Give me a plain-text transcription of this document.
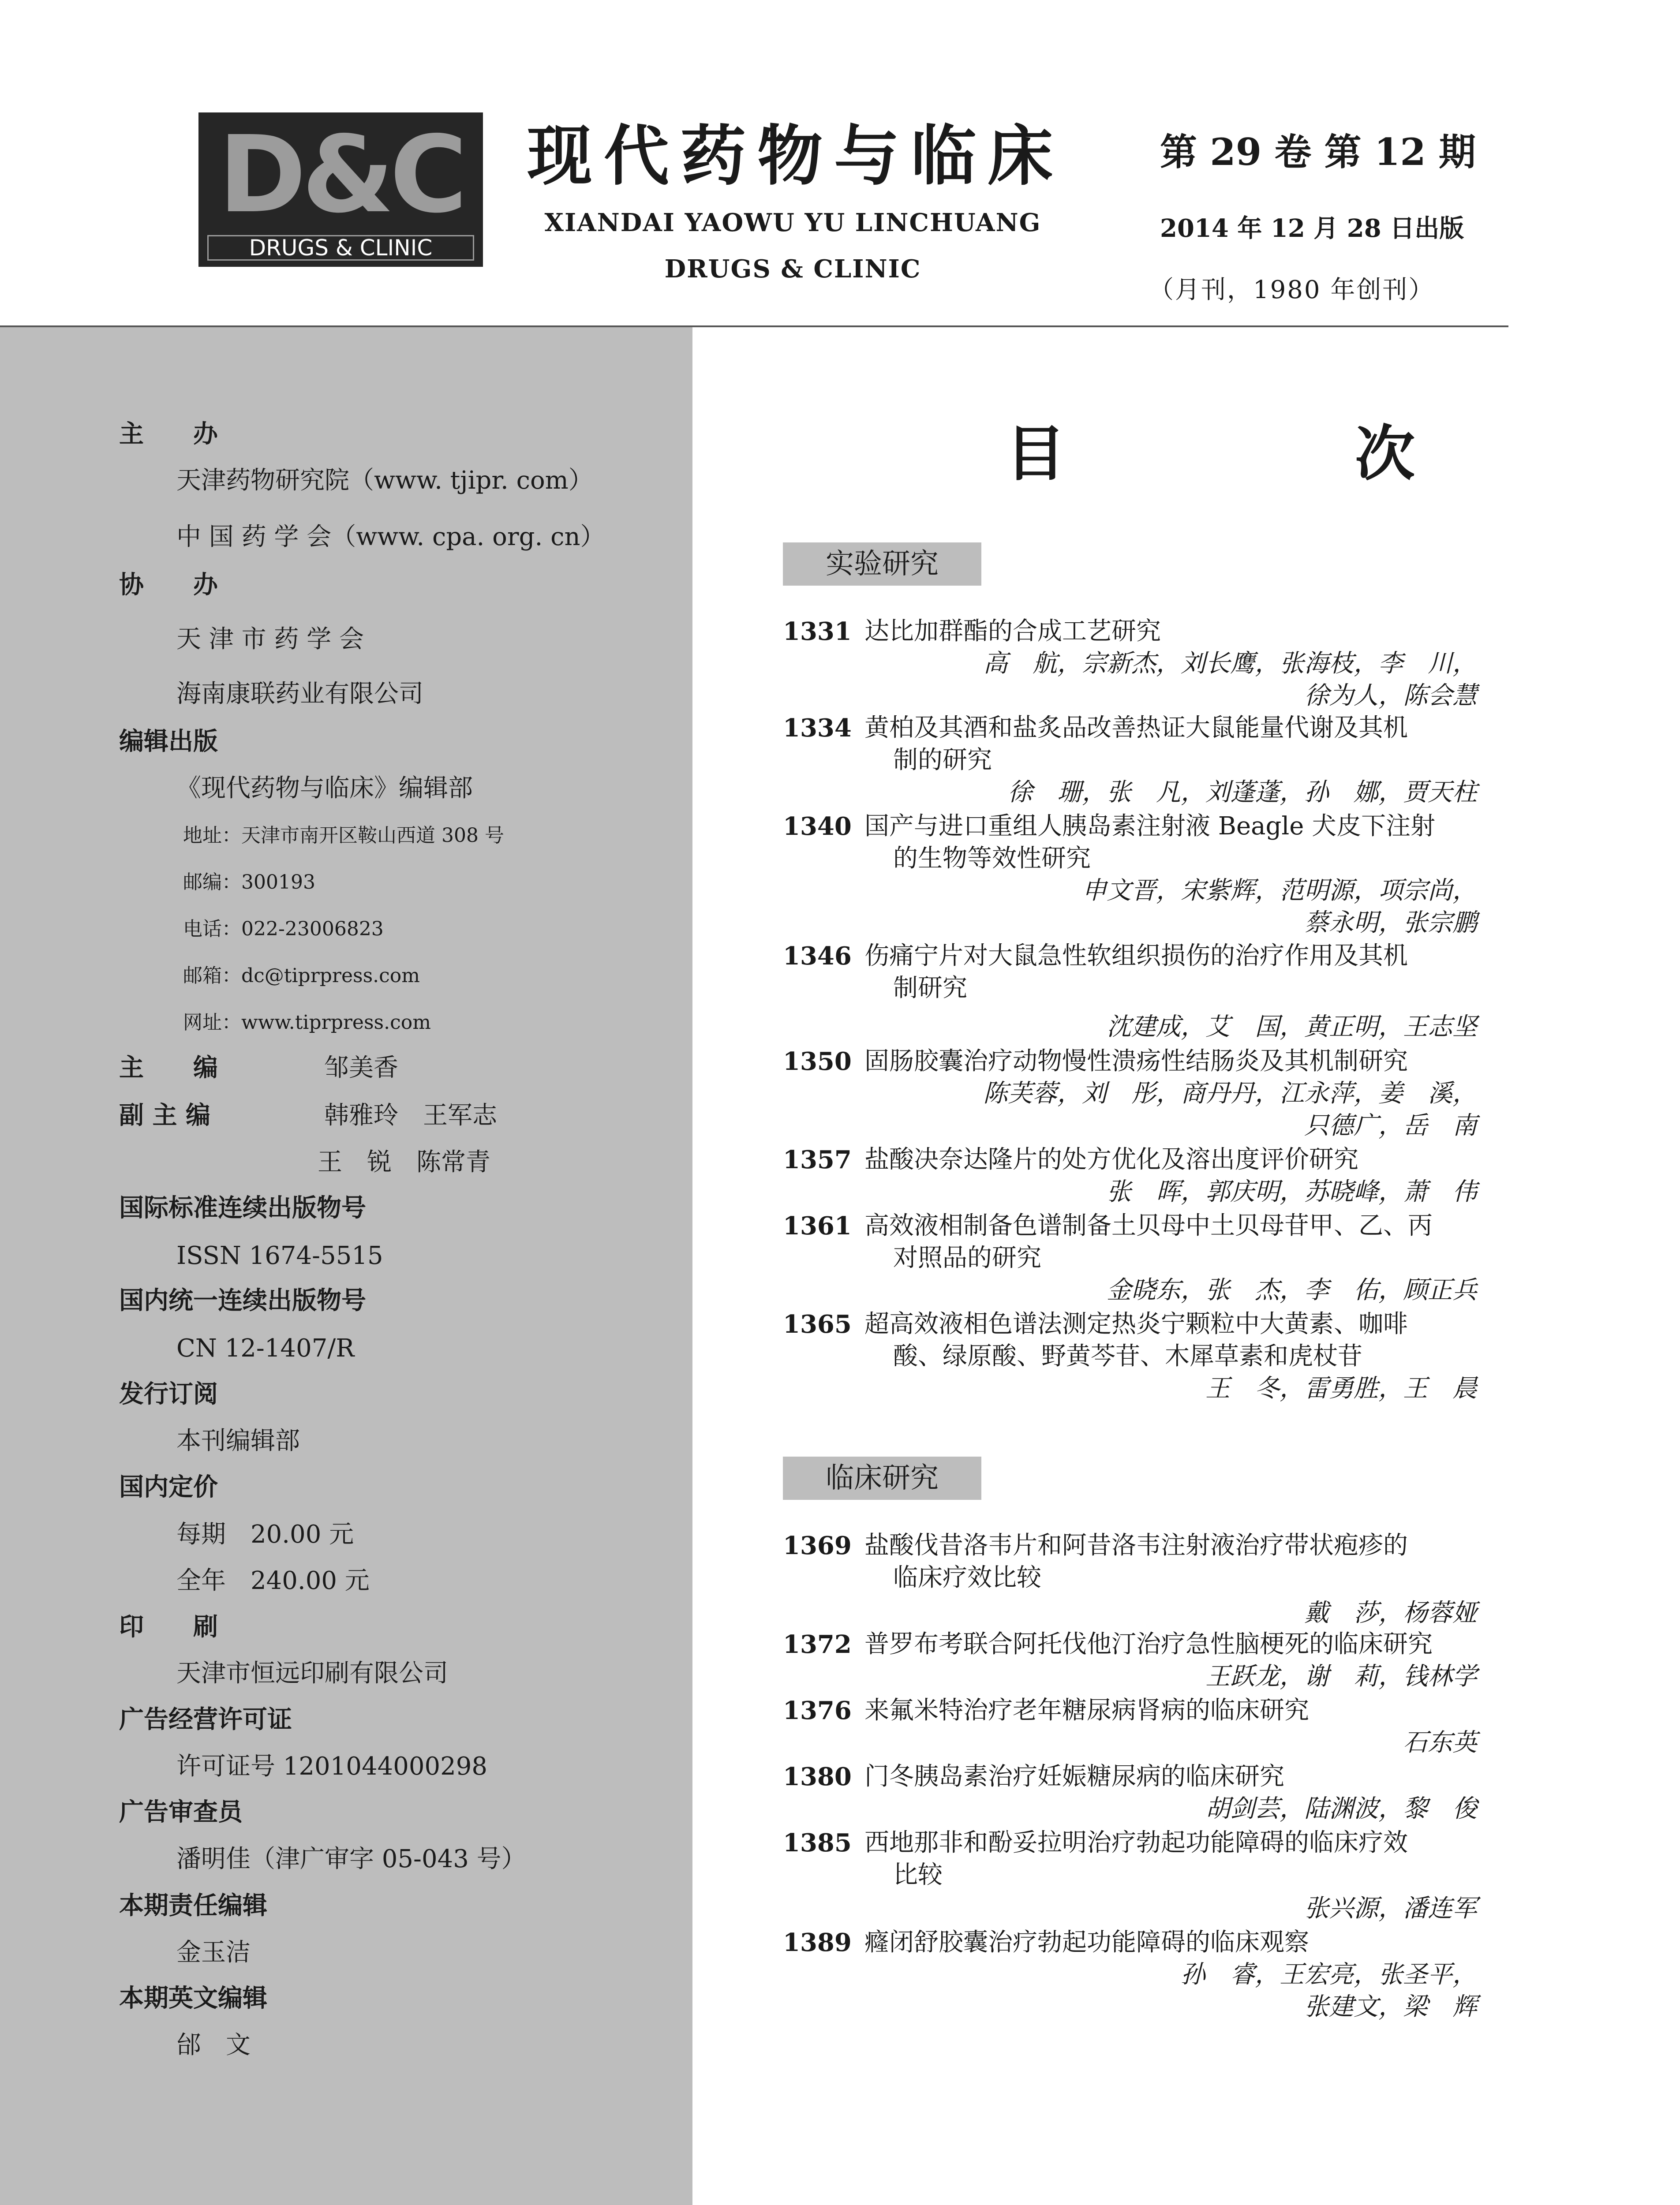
D&C
DRUGS & CLINIC
现代药物与临床
XIANDAI YAOWU YU LINCHUANG
DRUGS & CLINIC
第 29 卷 第 12 期
2014 年 12 月 28 日出版
（月刊，1980 年创刊）
主　　办
天津药物研究院（www. tjipr. com）
中 国 药 学 会（www. cpa. org. cn）
协　　办
天 津 市 药 学 会
海南康联药业有限公司
编辑出版
《现代药物与临床》编辑部
地址：天津市南开区鞍山西道 308 号
邮编：300193
电话：022-23006823
邮箱：dc@tiprpress.com
网址：www.tiprpress.com
主　　编	邹美香
副 主 编	韩雅玲　王军志
王　锐　陈常青
国际标准连续出版物号
ISSN 1674-5515
国内统一连续出版物号
CN 12-1407/R
发行订阅
本刊编辑部
国内定价
每期　20.00 元
全年　240.00 元
印　　刷
天津市恒远印刷有限公司
广告经营许可证
许可证号 1201044000298
广告审查员
潘明佳（津广审字 05-043 号）
本期责任编辑
金玉洁
本期英文编辑
邰　文
目　次
实验研究
1331 达比加群酯的合成工艺研究
高　航，宗新杰，刘长鹰，张海枝，李　川，
徐为人，陈会慧
1334 黄柏及其酒和盐炙品改善热证大鼠能量代谢及其机
制的研究
徐　珊，张　凡，刘蓬蓬，孙　娜，贾天柱
1340 国产与进口重组人胰岛素注射液 Beagle 犬皮下注射
的生物等效性研究
申文晋，宋紫辉，范明源，项宗尚，
蔡永明，张宗鹏
1346 伤痛宁片对大鼠急性软组织损伤的治疗作用及其机
制研究
沈建成，艾　国，黄正明，王志坚
1350 固肠胶囊治疗动物慢性溃疡性结肠炎及其机制研究
陈芙蓉，刘　彤，商丹丹，江永萍，姜　溪，
只德广，岳　南
1357 盐酸决奈达隆片的处方优化及溶出度评价研究
张　晖，郭庆明，苏晓峰，萧　伟
1361 高效液相制备色谱制备土贝母中土贝母苷甲、乙、丙
对照品的研究
金晓东，张　杰，李　佑，顾正兵
1365 超高效液相色谱法测定热炎宁颗粒中大黄素、咖啡
酸、绿原酸、野黄芩苷、木犀草素和虎杖苷
王　冬，雷勇胜，王　晨
临床研究
1369 盐酸伐昔洛韦片和阿昔洛韦注射液治疗带状疱疹的
临床疗效比较
戴　莎，杨蓉娅
1372 普罗布考联合阿托伐他汀治疗急性脑梗死的临床研究
王跃龙，谢　莉，钱林学
1376 来氟米特治疗老年糖尿病肾病的临床研究
石东英
1380 门冬胰岛素治疗妊娠糖尿病的临床研究
胡剑芸，陆渊波，黎　俊
1385 西地那非和酚妥拉明治疗勃起功能障碍的临床疗效
比较
张兴源，潘连军
1389 癃闭舒胶囊治疗勃起功能障碍的临床观察
孙　睿，王宏亮，张圣平，
张建文，梁　辉
